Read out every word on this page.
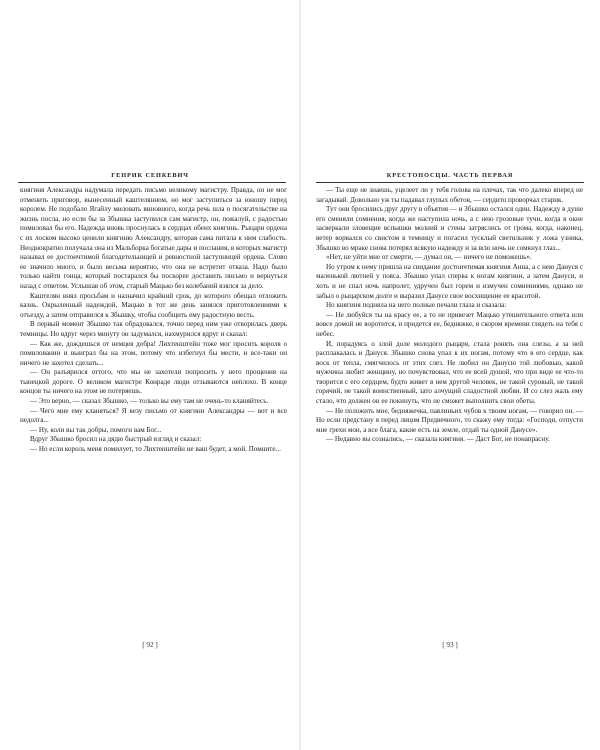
ГЕНРИК СЕНКЕВИЧ

княгиня Александра надумала передать письмо великому магистру. Правда, он не мог отменить приговор, вынесенный каштелянном, но мог заступиться за юношу перед королем. Не подобало Ягайлу миловать виновного, когда речь шла о посягательстве на жизнь посла, но если бы за Збышка заступился сам магистр, он, пожалуй, с радостью помиловал бы его. Надежда вновь проснулась в сердцах обеих княгинь. Рыцари ордена с их лоском высоко ценили княгиню Александру, которая сама питала к ним слабость. Неоднократно получала она из Мальборка богатые дары и послания, в которых магистр называл ее достоичтимой благодетельницей и ревностной заступницей ордена. Слово ее значило много, и было весьма вероятно, что она не встретит отказа. Надо было только найти гонца, который постарался бы поскорее доставить письмо и вернуться назад с ответом. Услышав об этом, старый Мацько без колебаний взялся за дело.

Каштелян внял просьбам и назначил крайний срок, до которого обещал отложить казнь. Окрыленный надеждой, Мацько в тот же день занялся приготовлениями к отъезду, а затем отправился к Збышку, чтобы сообщить ему радостную весть.

В первый момент Збышко так обрадовался, точно перед ним уже отворилась дверь темницы. Но вдруг через минуту он задумался, нахмурился вдруг и сказал:

— Как же, дождешься от немцев добра! Лихтенштейн тоже мог просить короля о помиловании и выиграл бы на этом, потому что избегнул бы мести, и все-таки он ничего не захотел сделать...

— Он разъярился оттого, что мы не захотели попросить у него прощения на тынецкой дороге. О великом магистре Конраде люди отзываются неплохо. В конце концов ты ничего на этом не потеряешь.

— Это верно, — сказал Збышко, — только вы ему там не очень-то кланяйтесь.

— Чего мне ему кланяться? Я везу письмо от княгини Александры — вот и все недолга...

— Ну, коли вы так добры, помоги вам Бог...

Вдруг Збышко бросил на дядю быстрый взгляд и сказал:

— Но если король меня помилует, то Лихтенштейн не ваш будет, а мой. Помните...

[ 92 ]
КРЕСТОНОСЦЫ. ЧАСТЬ ПЕРВАЯ

— Ты еще не знаешь, уцелеет ли у тебя голова на плечах, так что далеко вперед не загадывай. Довольно уж ты падавал глупых обетов, — сердито проворчал старик.

Тут они бросились друг другу в объятия — и Збышко остался один. Надежду в душе его сменяли сомнения, когда же наступила ночь, а с нею грозовые тучи, когда в окне засверкали зловещие вспышки молний и стены затряслись от грома, когда, наконец, ветер ворвался со свистом в темницу и погасил тусклый светильник у ложа узника, Збышко во мраке снова потерял всякую надежду и за всю ночь не сомкнул глаз...

«Нет, не уйти мне от смерти, — думал он, — ничего не поможешь».

Но утром к нему пришла на свидание достоичтимая княгиня Анна, а с нею Дануся с маленькой лютней у пояса. Збышко упал сперва к ногам княгини, а затем Дануси, и хоть и не спал ночь напролет, удручен был горем и измучен сомнениями, однако не забыл о рыцарском долге и выразил Данусе свое восхищение ее красотой.

Но княгиня подняла на него полные печали глаза и сказала:

— Не любуйся ты на красу ее, а то не привезет Мацько утешительного ответа или вовсе домой не воротится, и придется ее, бедняжке, в скором времени глядеть на тебя с небес.

И, порадуясь о злой доле молодого рыцаря, стала ронять она слезы, а за ней расплакалась и Дануся. Збышко снова упал к их ногам, потому что в его сердце, как воск от тепла, смягчилось от этих слез. Не любил он Данусю той любовью, какой мужчина любит женщину, но почувствовал, что ее всей душой, что при виде ее что-то творится с его сердцем, будто живет в нем другой человек, не такой суровый, не такой горячий, не такой воинственный, зато алчущий сладостной любви. И со слез жаль ему стало, что должен он ее покинуть, что не сможет выполнить свои обеты.

— Не положить мне, бедняжечка, павлиньих чубов к твоим ногам, — говорил он. — Но если предстану я перед лицом Предвечного, то скажу ему тогда: «Господи, отпусти мне грехи мои, а все блага, какие есть на земле, отдай ты одной Данусе».

— Недавно вы сознались, — сказала княгиня. — Даст Бог, не понапрасну.

[ 93 ]
